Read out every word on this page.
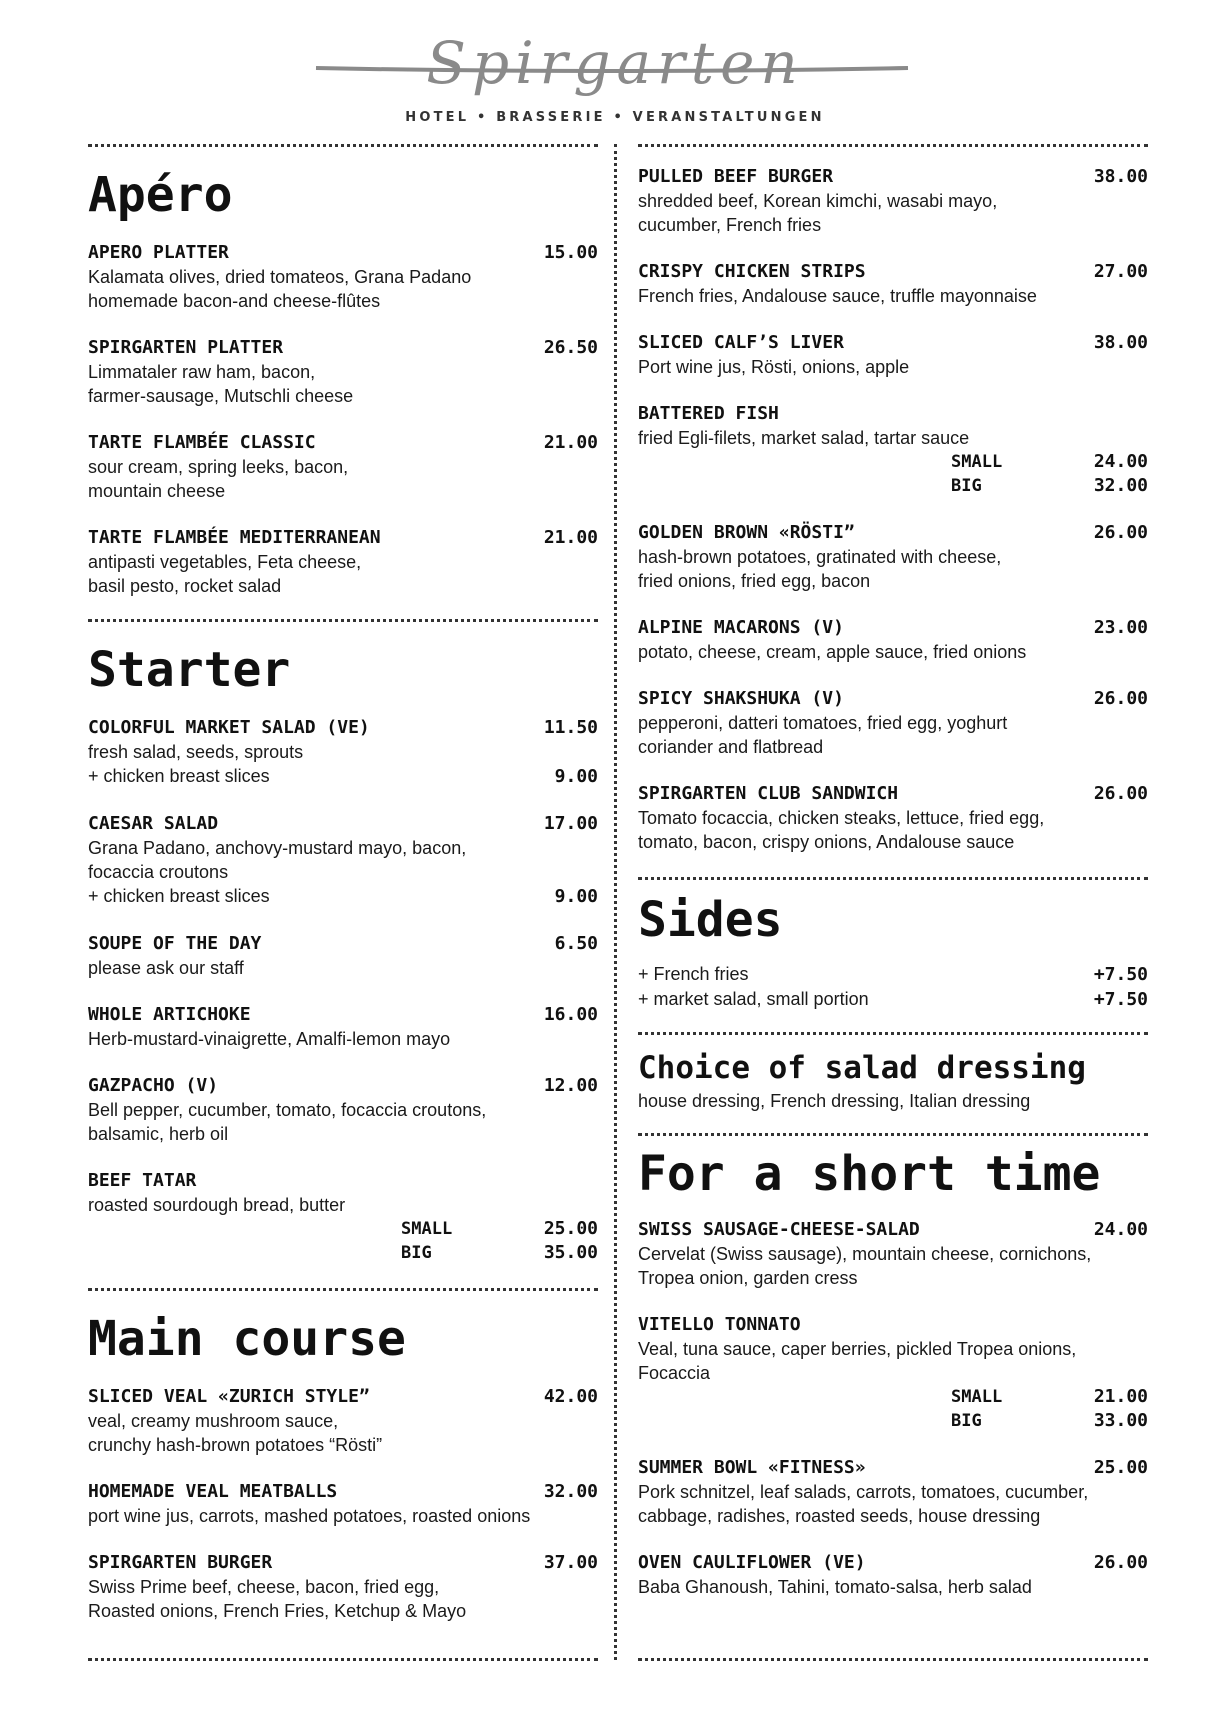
Spirgarten
HOTEL • BRASSERIE • VERANSTALTUNGEN
Apéro
APERO PLATTER	15.00
Kalamata olives, dried tomateos, Grana Padano
homemade bacon-and cheese-flûtes
SPIRGARTEN PLATTER	26.50
Limmataler raw ham, bacon,
farmer-sausage, Mutschli cheese
TARTE FLAMBÉE CLASSIC	21.00
sour cream, spring leeks, bacon,
mountain cheese
TARTE FLAMBÉE MEDITERRANEAN	21.00
antipasti vegetables, Feta cheese,
basil pesto, rocket salad
Starter
COLORFUL MARKET SALAD (VE)	11.50
fresh salad, seeds, sprouts
+ chicken breast slices	9.00
CAESAR SALAD	17.00
Grana Padano, anchovy-mustard mayo, bacon,
focaccia croutons
+ chicken breast slices	9.00
SOUPE OF THE DAY	6.50
please ask our staff
WHOLE ARTICHOKE	16.00
Herb-mustard-vinaigrette, Amalfi-lemon mayo
GAZPACHO (V)	12.00
Bell pepper, cucumber, tomato, focaccia croutons,
balsamic, herb oil
BEEF TATAR
roasted sourdough bread, butter
SMALL	25.00
BIG	35.00
Main course
SLICED VEAL «ZURICH STYLE”	42.00
veal, creamy mushroom sauce,
crunchy hash-brown potatoes “Rösti”
HOMEMADE VEAL MEATBALLS	32.00
port wine jus, carrots, mashed potatoes, roasted onions
SPIRGARTEN BURGER	37.00
Swiss Prime beef, cheese, bacon, fried egg,
Roasted onions, French Fries, Ketchup & Mayo
PULLED BEEF BURGER	38.00
shredded beef, Korean kimchi, wasabi mayo,
cucumber, French fries
CRISPY CHICKEN STRIPS	27.00
French fries, Andalouse sauce, truffle mayonnaise
SLICED CALF’S LIVER	38.00
Port wine jus, Rösti, onions, apple
BATTERED FISH
fried Egli-filets, market salad, tartar sauce
SMALL	24.00
BIG	32.00
GOLDEN BROWN «RÖSTI”	26.00
hash-brown potatoes, gratinated with cheese,
fried onions, fried egg, bacon
ALPINE MACARONS (V)	23.00
potato, cheese, cream, apple sauce, fried onions
SPICY SHAKSHUKA (V)	26.00
pepperoni, datteri tomatoes, fried egg, yoghurt
coriander and flatbread
SPIRGARTEN CLUB SANDWICH	26.00
Tomato focaccia, chicken steaks, lettuce, fried egg,
tomato, bacon, crispy onions, Andalouse sauce
Sides
+ French fries	+7.50
+ market salad, small portion	+7.50
Choice of salad dressing
house dressing, French dressing, Italian dressing
For a short time
SWISS SAUSAGE-CHEESE-SALAD	24.00
Cervelat (Swiss sausage), mountain cheese, cornichons,
Tropea onion, garden cress
VITELLO TONNATO
Veal, tuna sauce, caper berries, pickled Tropea onions,
Focaccia
SMALL	21.00
BIG	33.00
SUMMER BOWL «FITNESS»	25.00
Pork schnitzel, leaf salads, carrots, tomatoes, cucumber,
cabbage, radishes, roasted seeds, house dressing
OVEN CAULIFLOWER (VE)	26.00
Baba Ghanoush, Tahini, tomato-salsa, herb salad
